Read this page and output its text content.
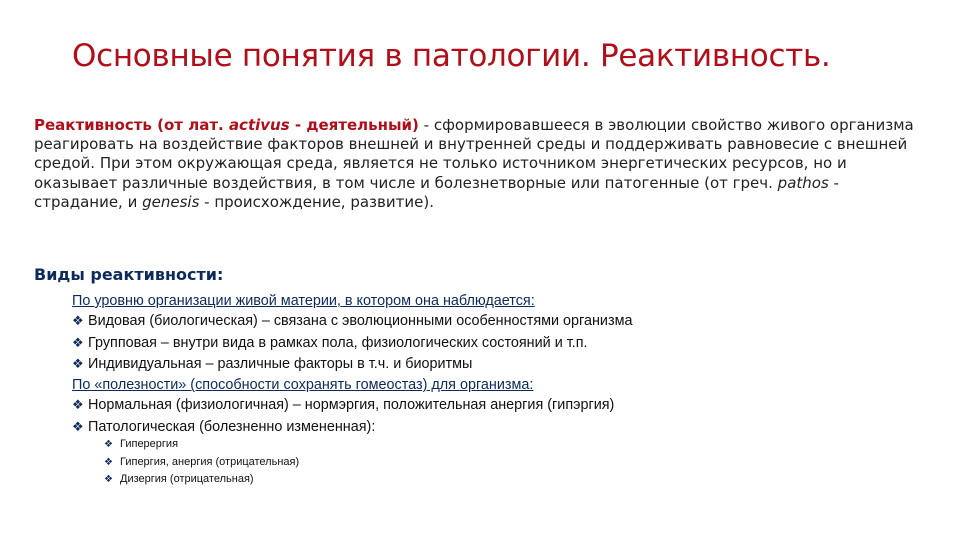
Основные понятия в патологии. Реактивность.

Реактивность (от лат. activus - деятельный) - сформировавшееся в эволюции свойство живого организма реагировать на воздействие факторов внешней и внутренней среды и поддерживать равновесие с внешней средой. При этом окружающая среда, является не только источником энергетических ресурсов, но и оказывает различные воздействия, в том числе и болезнетворные или патогенные (от греч. pathos - страдание, и genesis - происхождение, развитие).

Виды реактивности:

По уровню организации живой материи, в котором она наблюдается:
❖ Видовая (биологическая) – связана с эволюционными особенностями организма
❖ Групповая – внутри вида в рамках пола, физиологических состояний и т.п.
❖ Индивидуальная – различные факторы в т.ч. и биоритмы
По «полезности» (способности сохранять гомеостаз) для организма:
❖ Нормальная (физиологичная) – нормэргия, положительная анергия (гипэргия)
❖ Патологическая (болезненно измененная):
❖ Гиперергия
❖ Гипергия, анергия (отрицательная)
❖ Дизергия (отрицательная)
